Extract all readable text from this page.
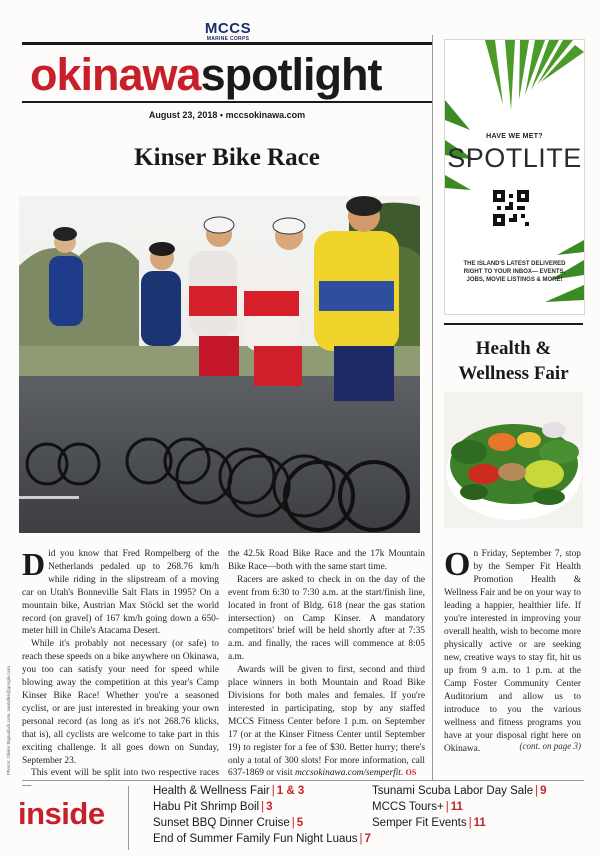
MCCS
MARINE CORPS
okinawaspotlight
August 23, 2018 • mccsokinawa.com
Kinser Bike Race
Photos: Olivier Bigauduck.com, santafire@google.com

Did you know that Fred Rompelberg of the Netherlands pedaled up to 268.76 km/h while riding in the slipstream of a moving car on Utah's Bonneville Salt Flats in 1995? On a mountain bike, Austrian Max Stöckl set the world record (on gravel) of 167 km/h going down a 650-meter hill in Chile's Atacama Desert.

While it's probably not necessary (or safe) to reach these speeds on a bike anywhere on Okinawa, you too can satisfy your need for speed while blowing away the competition at this year's Camp Kinser Bike Race! Whether you're a seasoned cyclist, or are just interested in breaking your own personal record (as long as it's not 268.76 klicks, that is), all cyclists are welcome to take part in this exciting challenge. It all goes down on Sunday, September 23.

This event will be split into two respective races—

the 42.5k Road Bike Race and the 17k Mountain Bike Race—both with the same start time.

Racers are asked to check in on the day of the event from 6:30 to 7:30 a.m. at the start/finish line, located in front of Bldg. 618 (near the gas station intersection) on Camp Kinser. A mandatory competitors' brief will be held shortly after at 7:35 a.m. and finally, the races will commence at 8:05 a.m.

Awards will be given to first, second and third place winners in both Mountain and Road Bike Divisions for both males and females. If you're interested in participating, stop by any staffed MCCS Fitness Center before 1 p.m. on September 17 (or at the Kinser Fitness Center until September 19) to register for a fee of $30. Better hurry; there's only a total of 300 slots! For more information, call 637-1869 or visit mccsokinawa.com/semperfit. OS

HAVE WE MET?
SPOTLITE
THE ISLAND'S LATEST DELIVERED RIGHT TO YOUR INBOX— EVENTS, JOBS, MOVIE LISTINGS & MORE!
Health &
Wellness Fair
On Friday, September 7, stop by the Semper Fit Health Promotion Health & Wellness Fair and be on your way to leading a happier, healthier life. If you're interested in improving your overall health, wish to become more physically active or are seeking new, creative ways to stay fit, hit us up from 9 a.m. to 1 p.m. at the Camp Foster Community Center Auditorium and allow us to introduce to you the various wellness and fitness programs you have at your disposal right here on Okinawa.	(cont. on page 3)
inside
Health & Wellness Fair | 1 & 3
Habu Pit Shrimp Boil | 3
Sunset BBQ Dinner Cruise | 5
End of Summer Family Fun Night Luaus | 7
Tsunami Scuba Labor Day Sale | 9
MCCS Tours+ | 11
Semper Fit Events | 11
